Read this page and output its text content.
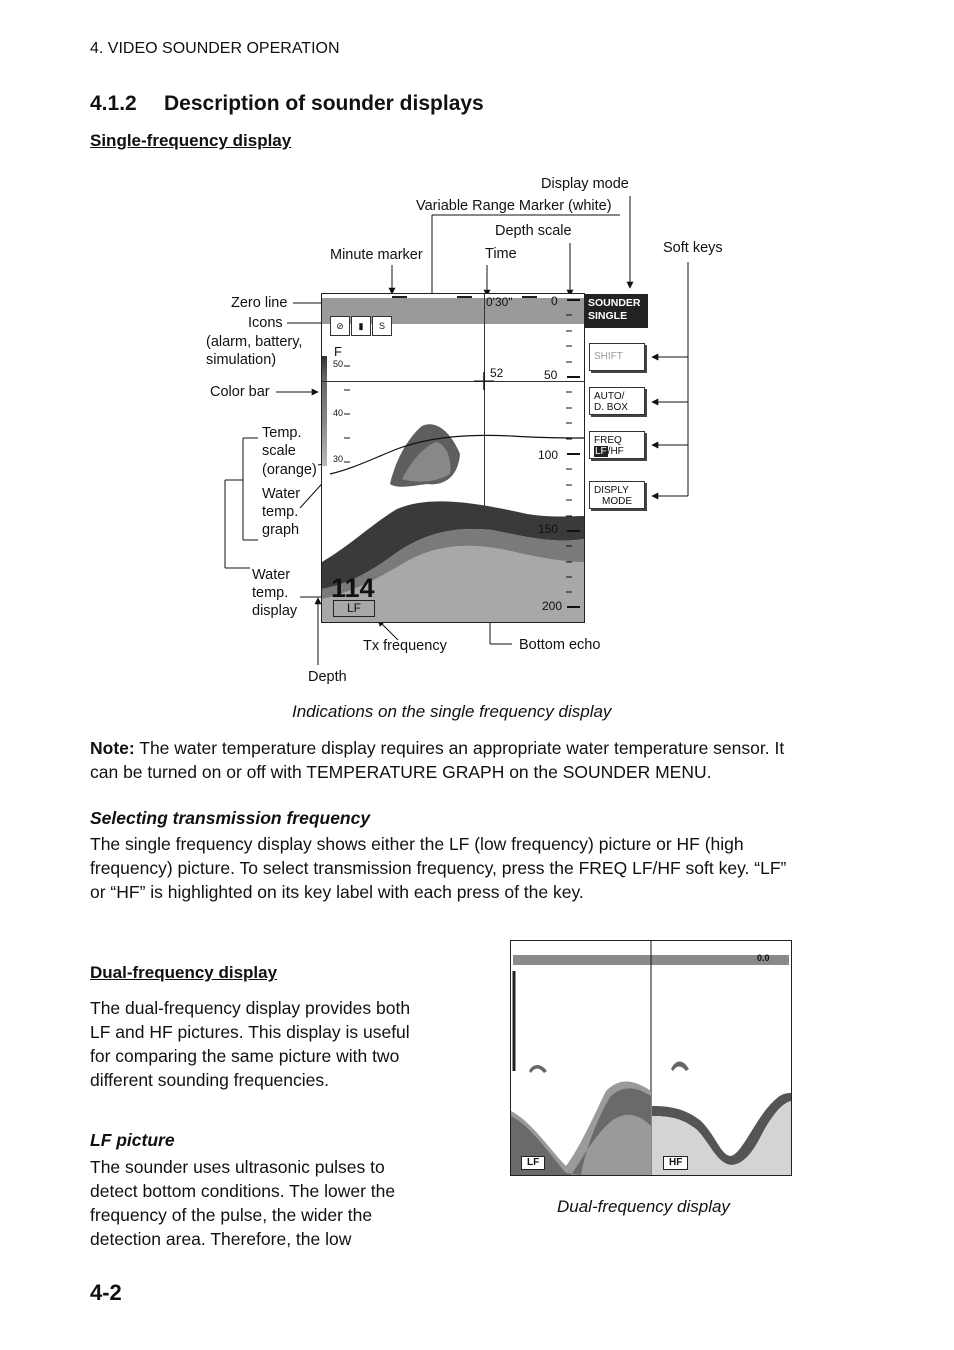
4. VIDEO SOUNDER OPERATION
4.1.2 Description of sounder displays
Single-frequency display
Display mode
Variable Range Marker (white)
Depth scale
Minute marker	Time	Soft keys
Zero line
Icons
(alarm, battery,
simulation)
Color bar
Temp.
scale
(orange)
Water
temp.
graph
Water
temp.
display
Tx frequency	Bottom echo
Depth
⊘	▮	S
0'30"	0
50
100
150
200
F
50
40
30
52
114
LF
SOUNDER
SINGLE
SHIFT
AUTO/
D. BOX
FREQ
LF/HF
DISPLY
MODE
Indications on the single frequency display
Note: The water temperature display requires an appropriate water temperature sensor. It
can be turned on or off with TEMPERATURE GRAPH on the SOUNDER MENU.
Selecting transmission frequency
The single frequency display shows either the LF (low frequency) picture or HF (high
frequency) picture. To select transmission frequency, press the FREQ LF/HF soft key. “LF”
or “HF” is highlighted on its key label with each press of the key.
Dual-frequency display
The dual-frequency display provides both
LF and HF pictures. This display is useful
for comparing the same picture with two
different sounding frequencies.
LF picture
The sounder uses ultrasonic pulses to
detect bottom conditions. The lower the
frequency of the pulse, the wider the
detection area. Therefore, the low
0.0
LF	HF
Dual-frequency display
4-2
